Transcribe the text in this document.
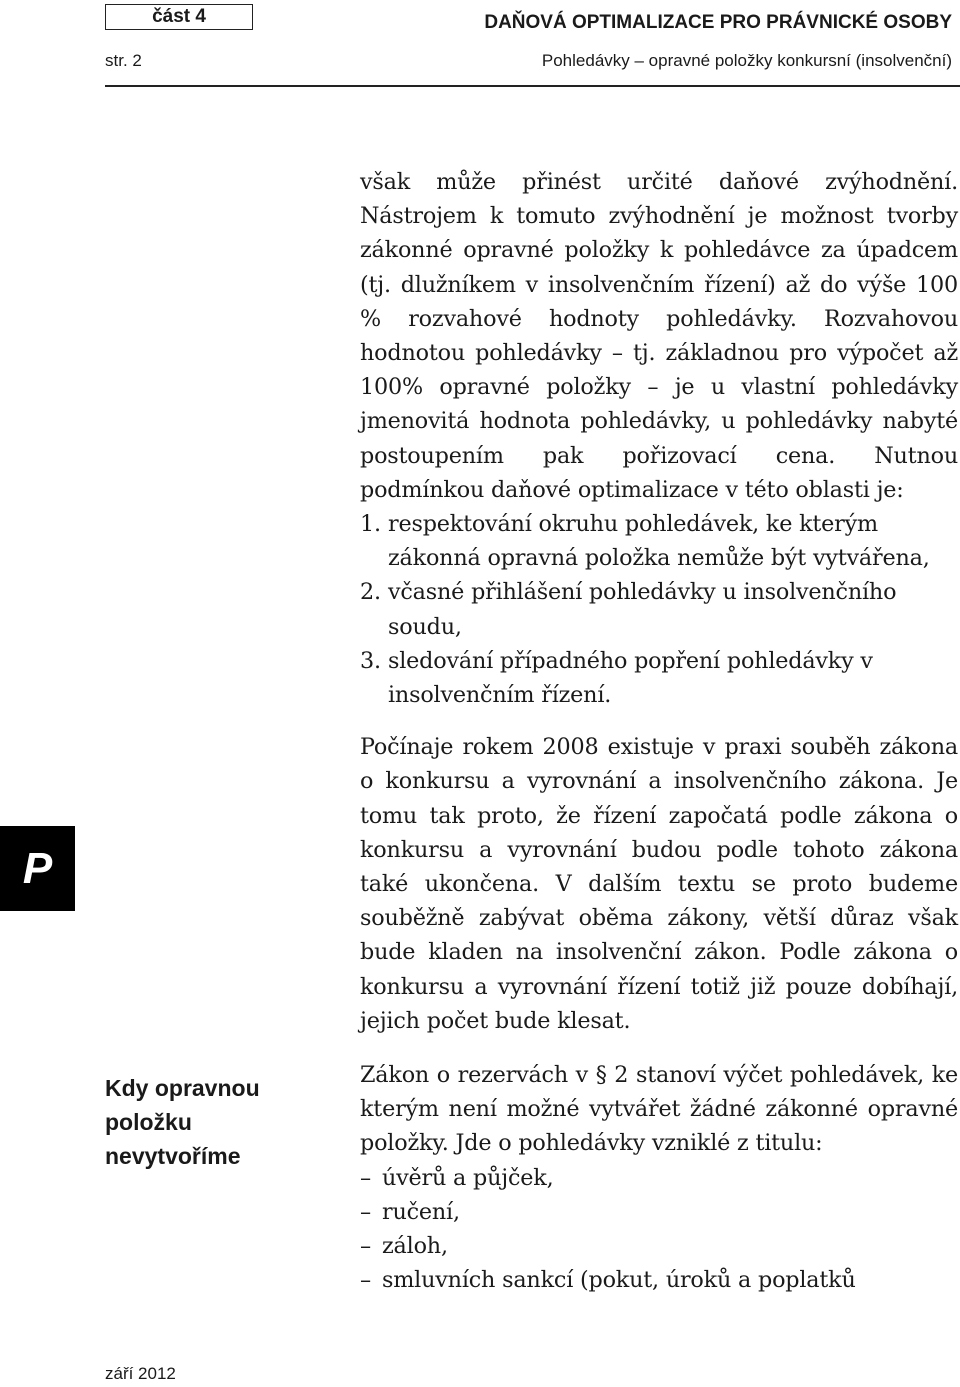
část 4
str. 2
DAŇOVÁ OPTIMALIZACE PRO PRÁVNICKÉ OSOBY
Pohledávky – opravné položky konkursní (insolvenční)
P
Kdy opravnou
položku
nevytvoříme

však může přinést určité daňové zvýhodnění. Nástrojem k tomuto zvýhodnění je možnost tvorby zákonné opravné položky k pohledávce za úpadcem (tj. dlužníkem v insolvenčním řízení) až do výše 100 % rozvahové hodnoty pohledávky. Rozvahovou hodnotou pohledávky – tj. základnou pro výpočet až 100% opravné položky – je u vlastní pohledávky jmenovitá hodnota pohledávky, u pohledávky nabyté postoupením pak pořizovací cena. Nutnou podmínkou daňové optimalizace v této oblasti je:

1. respektování okruhu pohledávek, ke kterým zákonná opravná položka nemůže být vytvářena,
2. včasné přihlášení pohledávky u insolvenčního soudu,
3. sledování případného popření pohledávky v insolvenčním řízení.

Počínaje rokem 2008 existuje v praxi souběh zákona o konkursu a vyrovnání a insolvenčního zákona. Je tomu tak proto, že řízení započatá podle zákona o konkursu a vyrovnání budou podle tohoto zákona také ukončena. V dalším textu se proto budeme souběžně zabývat oběma zákony, větší důraz však bude kladen na insolvenční zákon. Podle zákona o konkursu a vyrovnání řízení totiž již pouze dobíhají, jejich počet bude klesat.

Zákon o rezervách v § 2 stanoví výčet pohledávek, ke kterým není možné vytvářet žádné zákonné opravné položky. Jde o pohledávky vzniklé z titulu:

– úvěrů a půjček,
– ručení,
– záloh,
– smluvních sankcí (pokut, úroků a poplatků
září 2012
